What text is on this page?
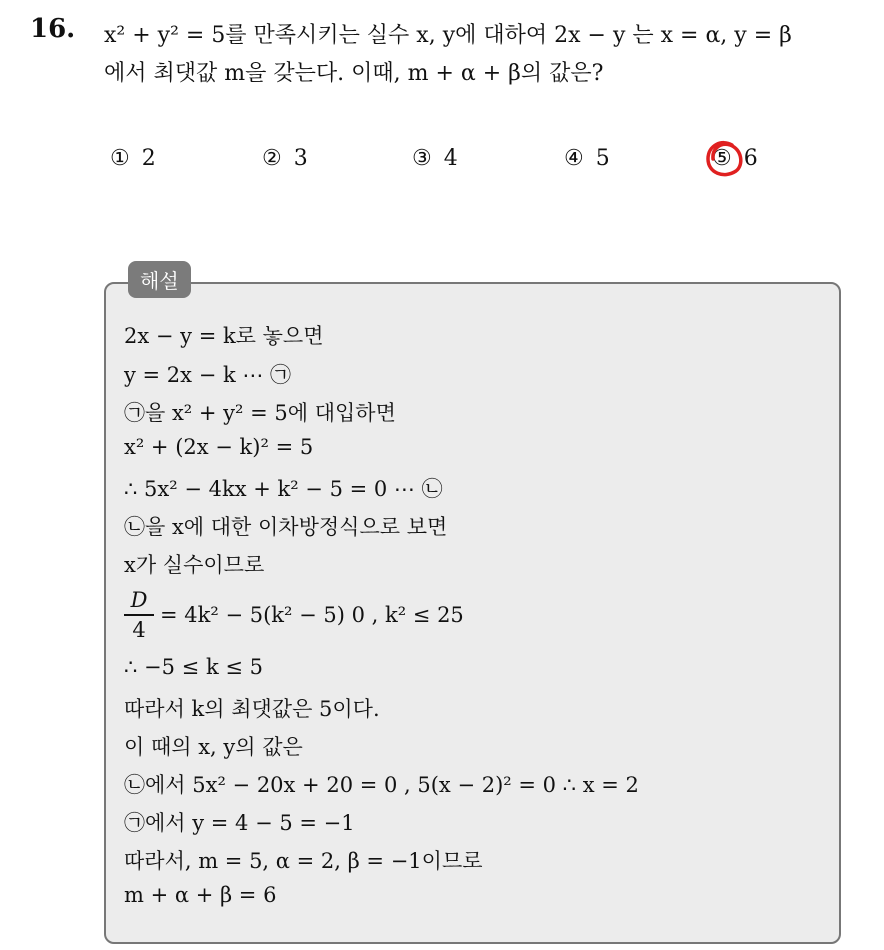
16. x² + y² = 5를 만족시키는 실수 x, y에 대하여 2x − y 는 x = α, y = β
에서 최댓값 m을 갖는다. 이때, m + α + β의 값은?
① 2	② 3	③ 4	④ 5	⑤ 6
해설
2x − y = k로 놓으면
y = 2x − k ⋯ ㉠
㉠을 x² + y² = 5에 대입하면
x² + (2x − k)² = 5
∴ 5x² − 4kx + k² − 5 = 0 ⋯ ㉡
㉡을 x에 대한 이차방정식으로 보면
x가 실수이므로
D
4
= 4k² − 5(k² − 5) 0 , k² ≤ 25
∴ −5 ≤ k ≤ 5
따라서 k의 최댓값은 5이다.
이 때의 x, y의 값은
㉡에서 5x² − 20x + 20 = 0 , 5(x − 2)² = 0 ∴ x = 2
㉠에서 y = 4 − 5 = −1
따라서, m = 5, α = 2, β = −1이므로
m + α + β = 6
